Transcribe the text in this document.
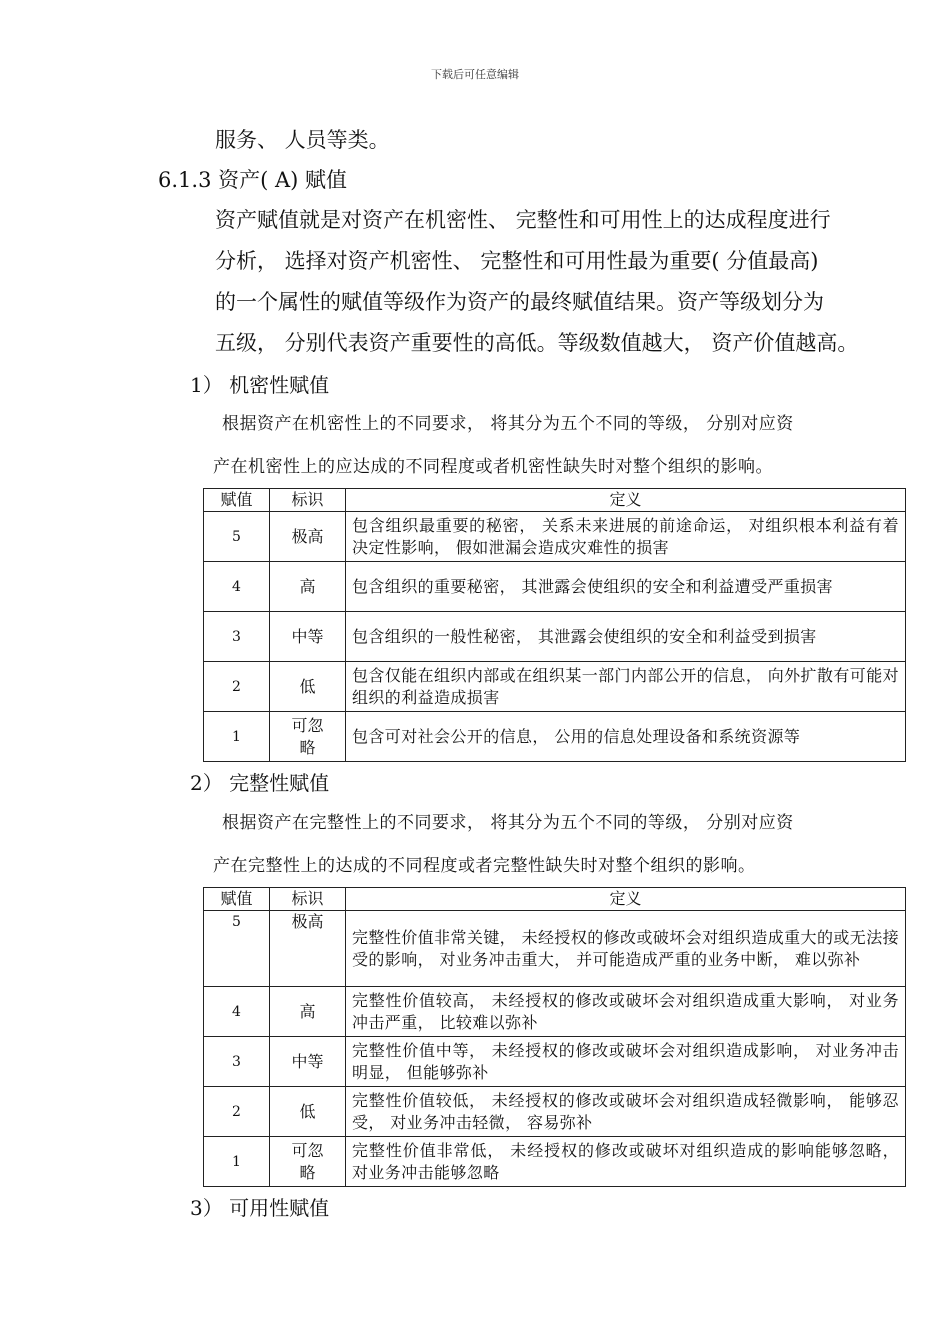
下载后可任意编辑
服务、 人员等类。
6.1.3 资产( A) 赋值
资产赋值就是对资产在机密性、 完整性和可用性上的达成程度进行
分析， 选择对资产机密性、 完整性和可用性最为重要( 分值最高)
的一个属性的赋值等级作为资产的最终赋值结果。资产等级划分为
五级， 分别代表资产重要性的高低。等级数值越大， 资产价值越高。
1） 机密性赋值
根据资产在机密性上的不同要求， 将其分为五个不同的等级， 分别对应资
产在机密性上的应达成的不同程度或者机密性缺失时对整个组织的影响。
赋值	标识	定义
5	极高	包含组织最重要的秘密， 关系未来进展的前途命运， 对组织根本利益有着决定性影响， 假如泄漏会造成灾难性的损害
4	高	包含组织的重要秘密， 其泄露会使组织的安全和利益遭受严重损害
3	中等	包含组织的一般性秘密， 其泄露会使组织的安全和利益受到损害
2	低	包含仅能在组织内部或在组织某一部门内部公开的信息， 向外扩散有可能对组织的利益造成损害
1	可忽略	包含可对社会公开的信息， 公用的信息处理设备和系统资源等
2） 完整性赋值
根据资产在完整性上的不同要求， 将其分为五个不同的等级， 分别对应资
产在完整性上的达成的不同程度或者完整性缺失时对整个组织的影响。
赋值	标识	定义
5	极高	完整性价值非常关键， 未经授权的修改或破坏会对组织造成重大的或无法接受的影响， 对业务冲击重大， 并可能造成严重的业务中断， 难以弥补
4	高	完整性价值较高， 未经授权的修改或破坏会对组织造成重大影响， 对业务冲击严重， 比较难以弥补
3	中等	完整性价值中等， 未经授权的修改或破坏会对组织造成影响， 对业务冲击明显， 但能够弥补
2	低	完整性价值较低， 未经授权的修改或破坏会对组织造成轻微影响， 能够忍受， 对业务冲击轻微， 容易弥补
1	可忽略	完整性价值非常低， 未经授权的修改或破坏对组织造成的影响能够忽略， 对业务冲击能够忽略
3） 可用性赋值
